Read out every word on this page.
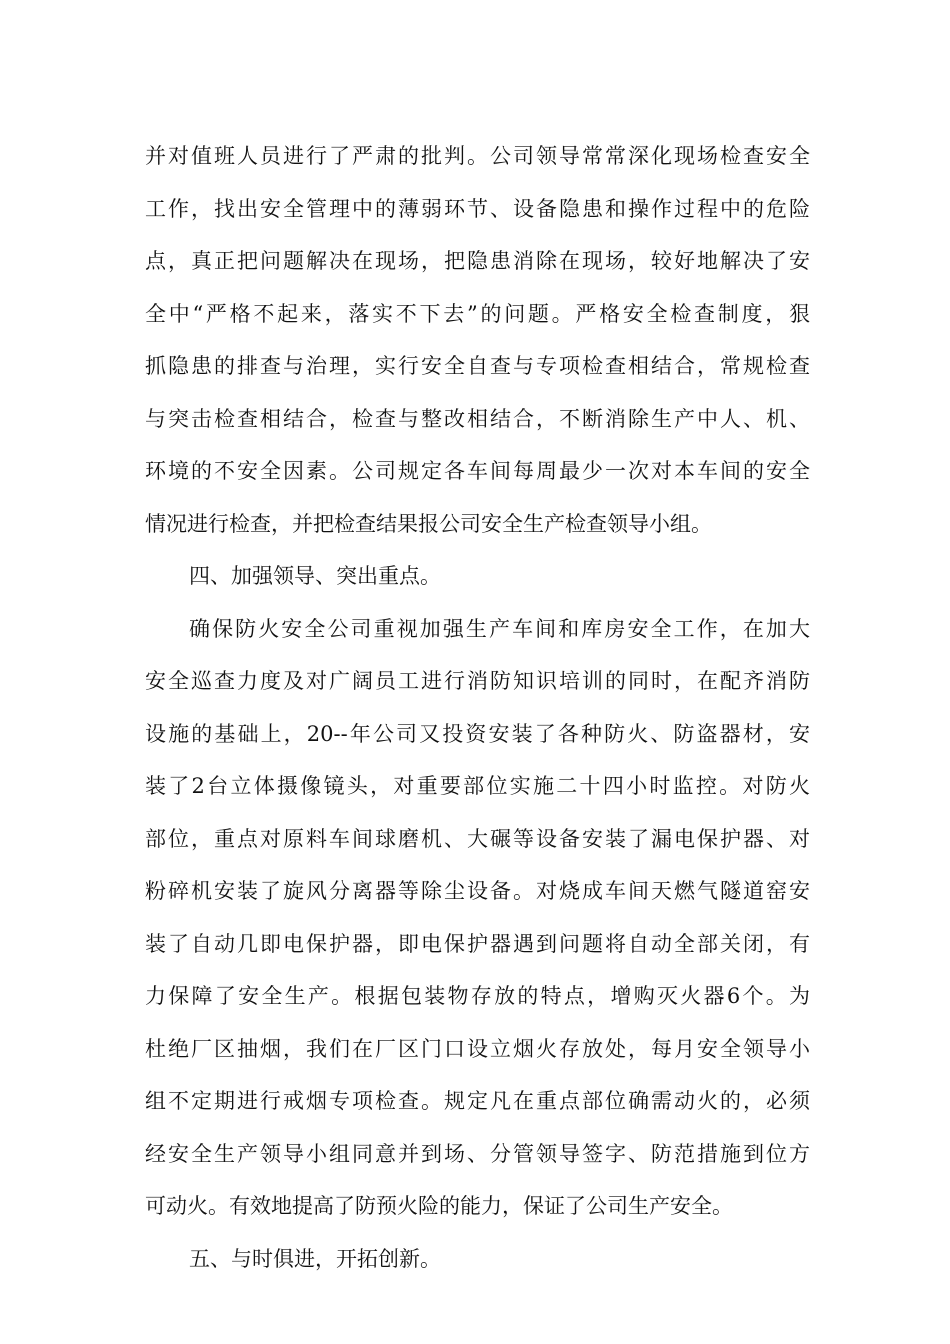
并对值班人员进行了严肃的批判。公司领导常常深化现场检查安全
工作，找出安全管理中的薄弱环节、设备隐患和操作过程中的危险
点，真正把问题解决在现场，把隐患消除在现场，较好地解决了安
全中“严格不起来，落实不下去”的问题。严格安全检查制度，狠
抓隐患的排查与治理，实行安全自查与专项检查相结合，常规检查
与突击检查相结合，检查与整改相结合，不断消除生产中人、机、
环境的不安全因素。公司规定各车间每周最少一次对本车间的安全
情况进行检查，并把检查结果报公司安全生产检查领导小组。
四、加强领导、突出重点。
确保防火安全公司重视加强生产车间和库房安全工作，在加大
安全巡查力度及对广阔员工进行消防知识培训的同时，在配齐消防
设施的基础上，20--年公司又投资安装了各种防火、防盗器材，安
装了2台立体摄像镜头，对重要部位实施二十四小时监控。对防火
部位，重点对原料车间球磨机、大碾等设备安装了漏电保护器、对
粉碎机安装了旋风分离器等除尘设备。对烧成车间天燃气隧道窑安
装了自动几即电保护器，即电保护器遇到问题将自动全部关闭，有
力保障了安全生产。根据包装物存放的特点，增购灭火器6个。为
杜绝厂区抽烟，我们在厂区门口设立烟火存放处，每月安全领导小
组不定期进行戒烟专项检查。规定凡在重点部位确需动火的，必须
经安全生产领导小组同意并到场、分管领导签字、防范措施到位方
可动火。有效地提高了防预火险的能力，保证了公司生产安全。
五、与时俱进，开拓创新。
